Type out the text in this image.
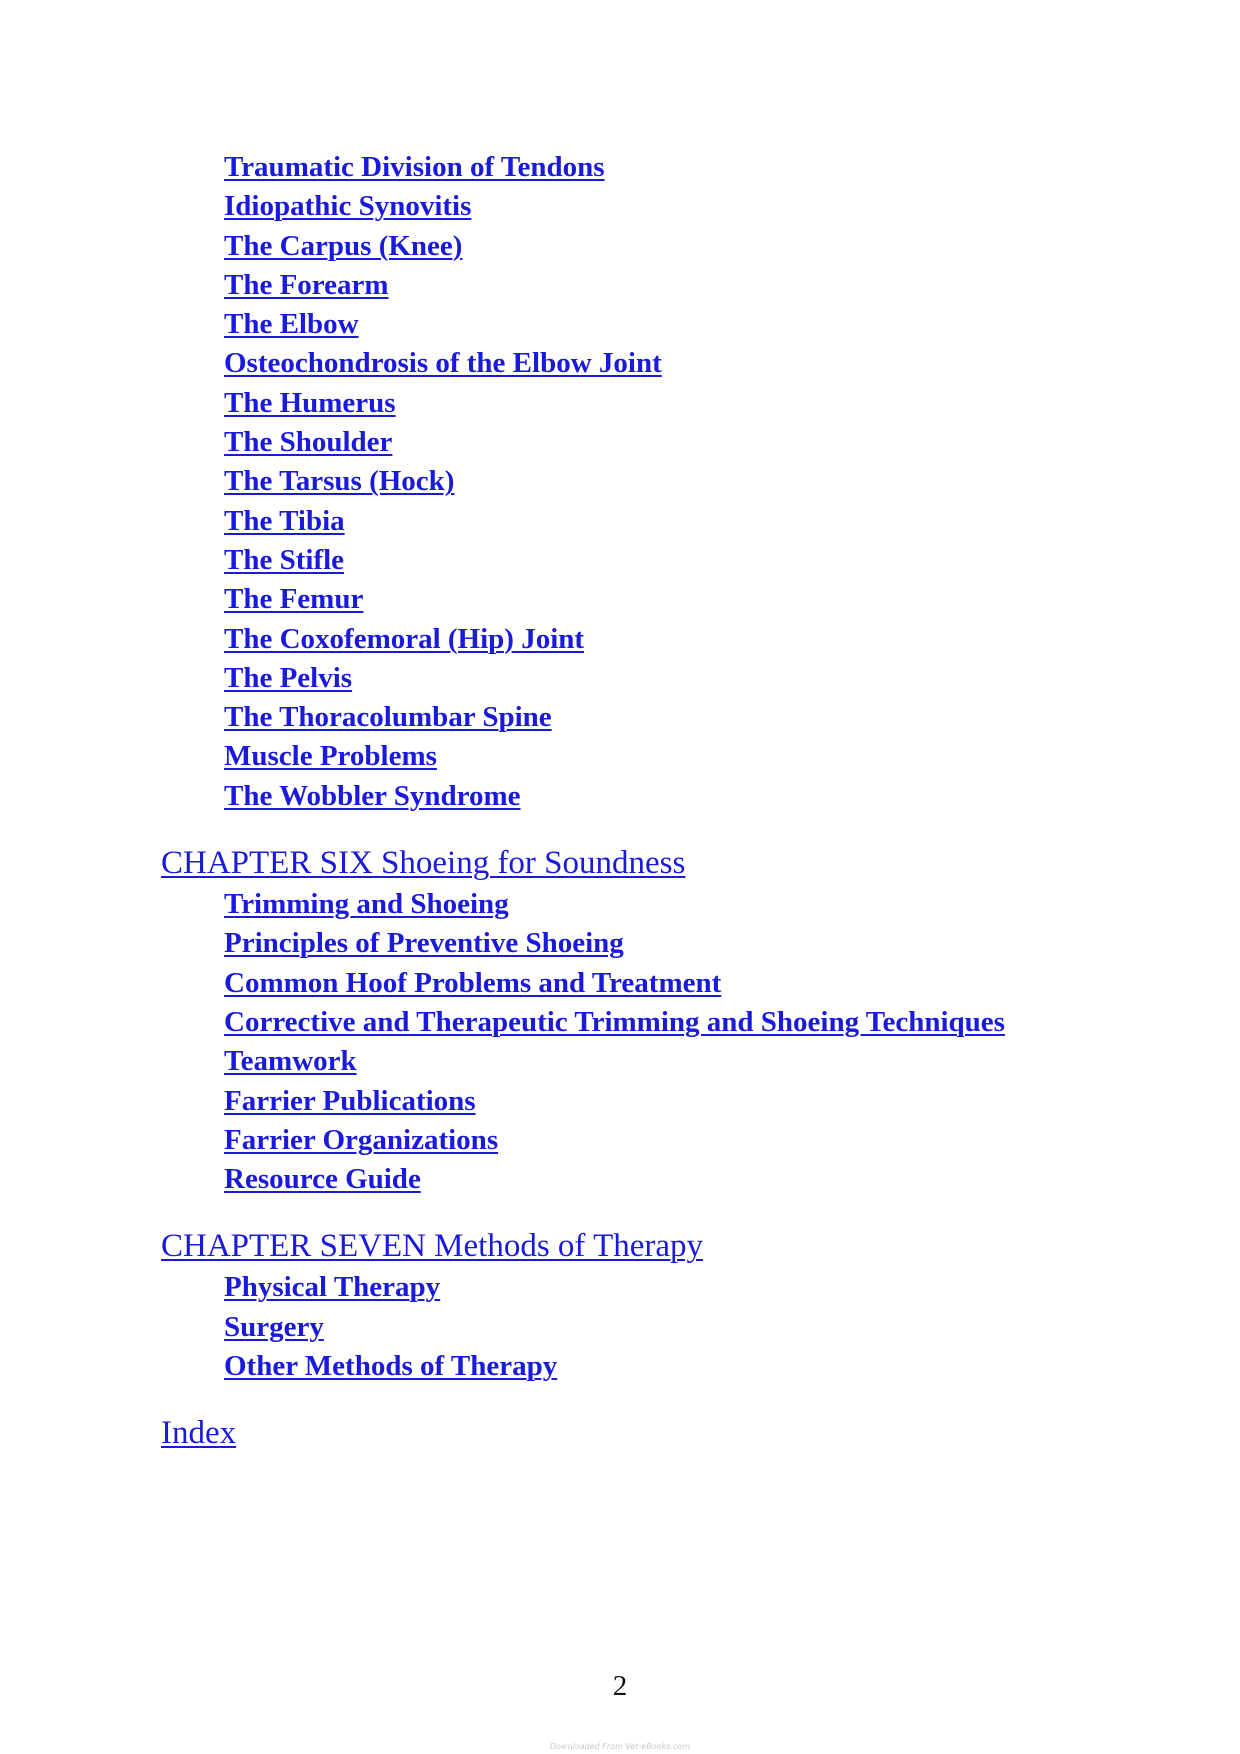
Traumatic Division of Tendons
Idiopathic Synovitis
The Carpus (Knee)
The Forearm
The Elbow
Osteochondrosis of the Elbow Joint
The Humerus
The Shoulder
The Tarsus (Hock)
The Tibia
The Stifle
The Femur
The Coxofemoral (Hip) Joint
The Pelvis
The Thoracolumbar Spine
Muscle Problems
The Wobbler Syndrome
CHAPTER SIX Shoeing for Soundness
Trimming and Shoeing
Principles of Preventive Shoeing
Common Hoof Problems and Treatment
Corrective and Therapeutic Trimming and Shoeing Techniques
Teamwork
Farrier Publications
Farrier Organizations
Resource Guide
CHAPTER SEVEN Methods of Therapy
Physical Therapy
Surgery
Other Methods of Therapy
Index
2
Downloaded From Vet-eBooks.com
